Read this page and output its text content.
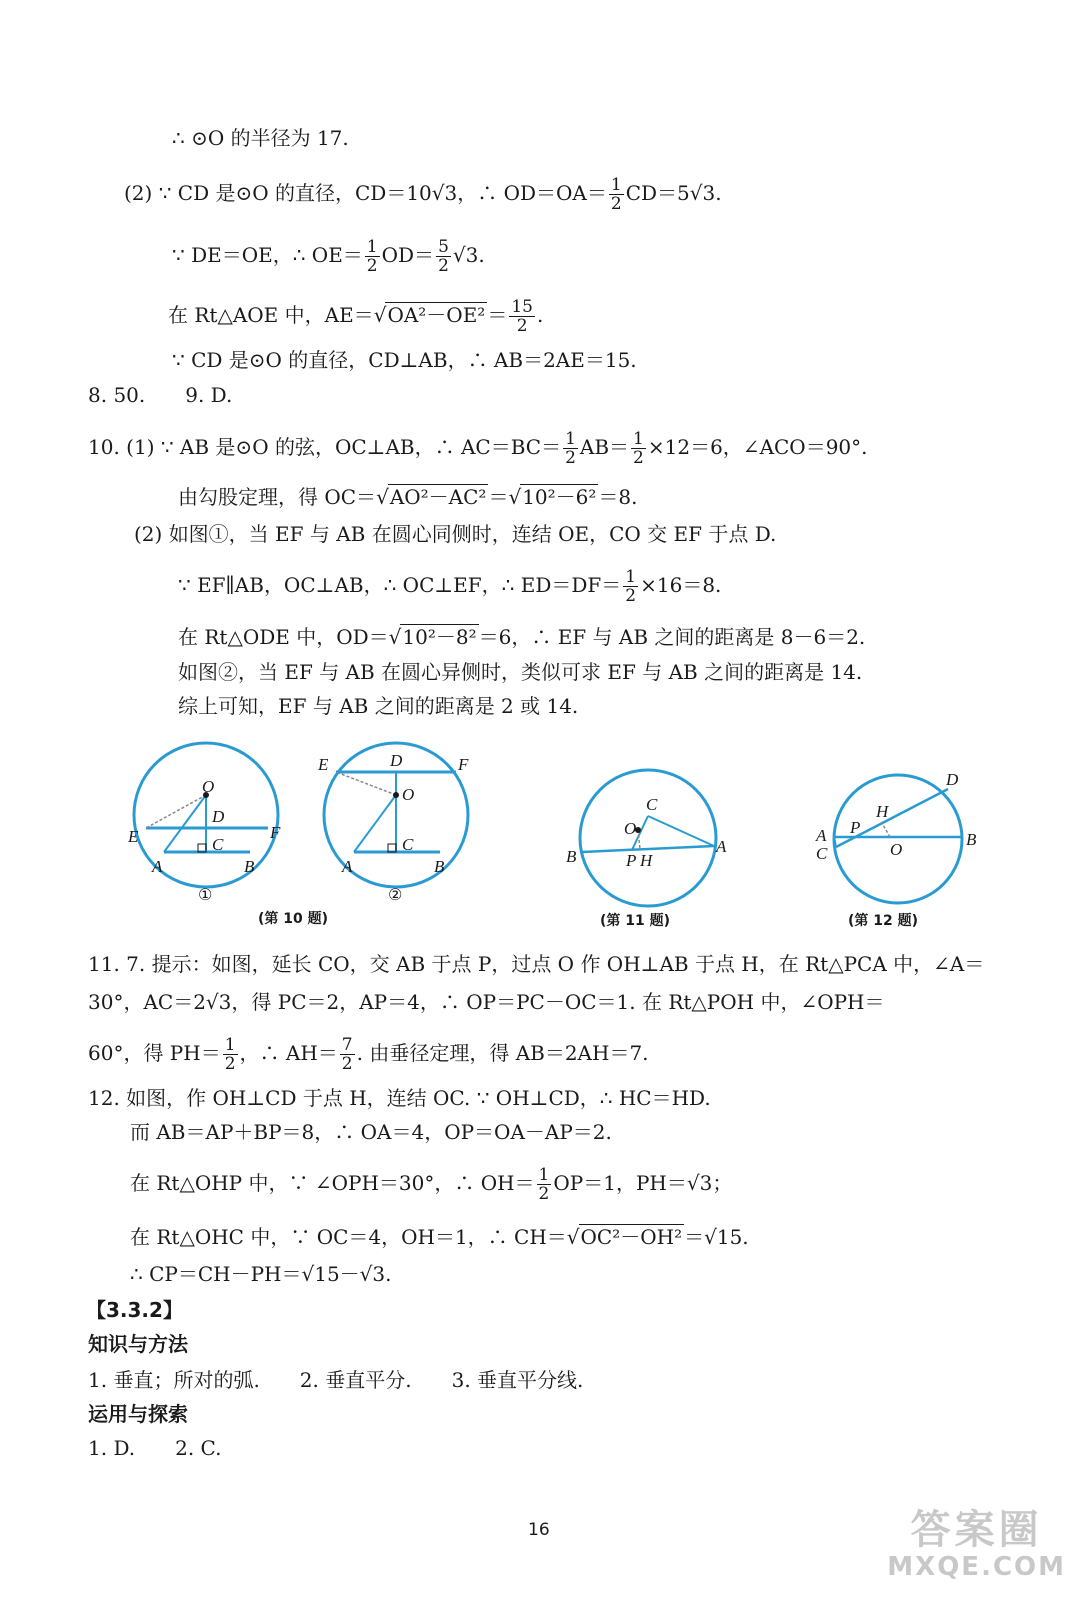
∴ ⊙O 的半径为 17.
(2) ∵ CD 是⊙O 的直径，CD＝10√3，∴ $OD=OA= \frac{1}{2} CD=5√3$.
∵ DE＝OE，∴ $OE= \frac{1}{2} OD= \frac{5}{2} √3$.
在 Rt△AOE 中，$AE=√OA^2-OE^2 = \frac{15}{2}$ .
∵ CD 是⊙O 的直径，CD⊥AB，∴ AB＝2AE＝15.
8. 50.　　9. D.
10. (1) ∵ AB 是⊙O 的弦，OC⊥AB，∴ $AC=BC= \frac{1}{2} AB= \frac{1}{2} \times 12=6$，∠ACO＝90°.
由勾股定理，得 OC＝√AO²－AC² ＝√10²－6² ＝8.
(2) 如图①，当 EF 与 AB 在圆心同侧时，连结 OE，CO 交 EF 于点 D.
∵ EF∥AB，OC⊥AB，∴ OC⊥EF，∴ $ED=DF= \frac{1}{2} \times 16=8$.
在 Rt△ODE 中，OD＝√10²－8² ＝6，∴ EF 与 AB 之间的距离是 8－6＝2.
如图②，当 EF 与 AB 在圆心异侧时，类似可求 EF 与 AB 之间的距离是 14.
综上可知，EF 与 AB 之间的距离是 2 或 14.
O
D
E	F
C
A	B
①
E	D	F
O
C
A	B
②
(第 10 题)
C
O
P H
B
A
(第 11 题)
D
H
A P
C	O
B
(第 12 题)
11. 7. 提示：如图，延长 CO，交 AB 于点 P，过点 O 作 OH⊥AB 于点 H，在 Rt△PCA 中，∠A＝
30°，AC＝2√3，得 PC＝2，AP＝4，∴ OP＝PC－OC＝1. 在 Rt△POH 中，∠OPH＝
60°，得 $PH= \frac{1}{2}$ ，∴ $AH= \frac{7}{2}$ . 由垂径定理，得 AB＝2AH＝7.
12. 如图，作 OH⊥CD 于点 H，连结 OC. ∵ OH⊥CD，∴ HC＝HD.
而 AB＝AP＋BP＝8，∴ OA＝4，OP＝OA－AP＝2.
在 Rt△OHP 中，∵ ∠OPH＝30°，∴ $OH= \frac{1}{2} OP=1$，PH＝√3；
在 Rt△OHC 中，∵ OC＝4，OH＝1，∴ CH＝√OC²－OH² ＝√15.
∴ CP＝CH－PH＝√15－√3.
【3.3.2】
知识与方法
1. 垂直；所对的弧.　　2. 垂直平分.　　3. 垂直平分线.
运用与探索
1. D.　　2. C.
16	答案圈
MXQE.COM
